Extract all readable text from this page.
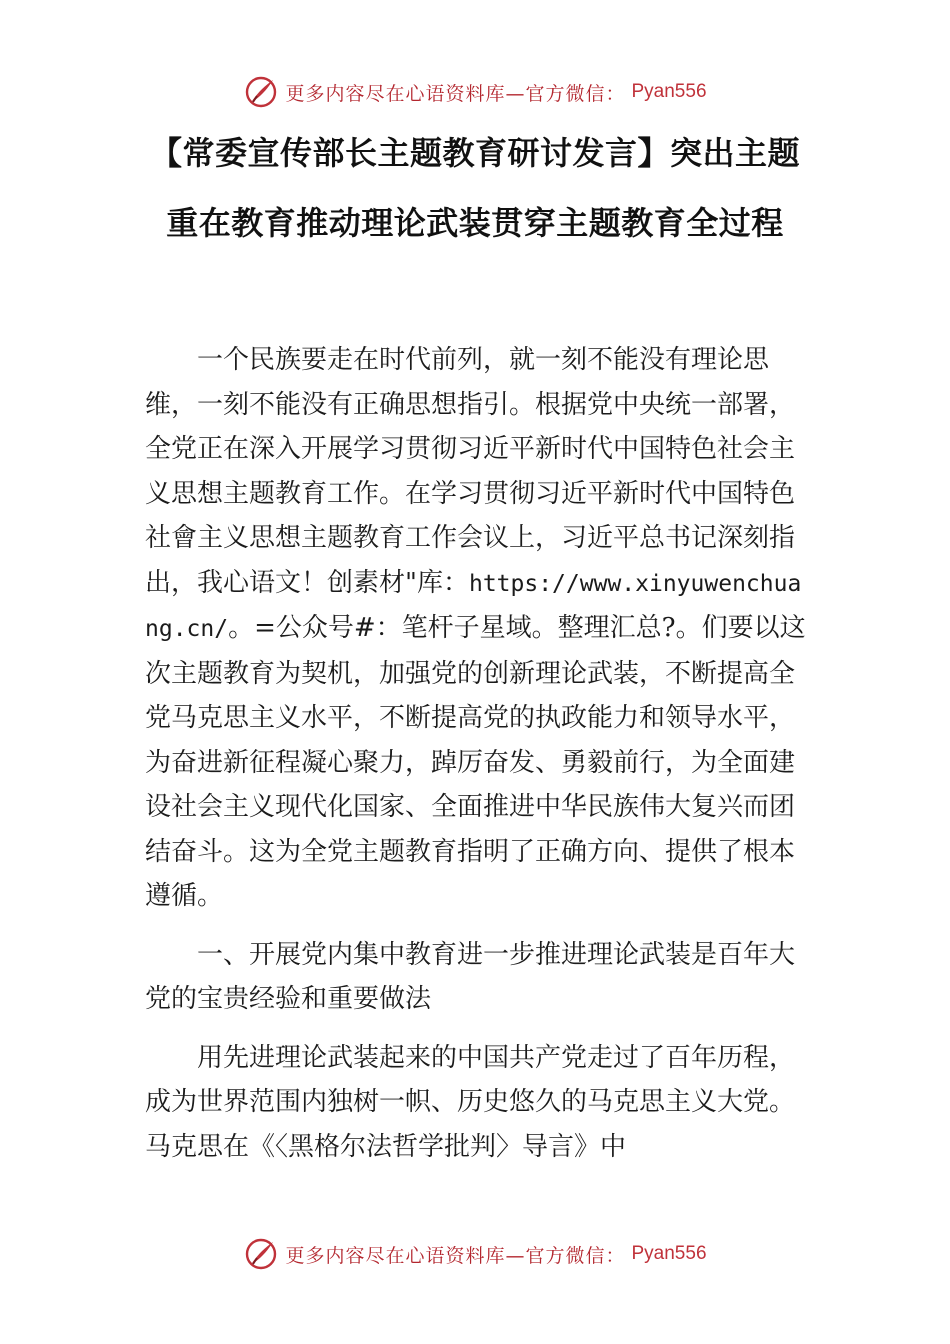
更多内容尽在心语资料库—官方微信： Pyan556
【常委宣传部长主题教育研讨发言】突出主题
重在教育推动理论武装贯穿主题教育全过程

一个民族要走在时代前列，就一刻不能没有理论思维，一刻不能没有正确思想指引。根据党中央统一部署，全党正在深入开展学习贯彻习近平新时代中国特色社会主义思想主题教育工作。在学习贯彻习近平新时代中国特色社會主义思想主题教育工作会议上，习近平总书记深刻指出，我心语文！创素材"库：https://www.xinyuwenchuang.cn/。=公众号#：笔杆子星域。整理汇总?。们要以这次主题教育为契机，加强党的创新理论武装，不断提高全党马克思主义水平，不断提高党的执政能力和领导水平，为奋进新征程凝心聚力，踔厉奋发、勇毅前行，为全面建设社会主义现代化国家、全面推进中华民族伟大复兴而团结奋斗。这为全党主题教育指明了正确方向、提供了根本遵循。

一、开展党内集中教育进一步推进理论武装是百年大党的宝贵经验和重要做法

用先进理论武装起来的中国共产党走过了百年历程，成为世界范围内独树一帜、历史悠久的马克思主义大党。马克思在《〈黑格尔法哲学批判〉导言》中

更多内容尽在心语资料库—官方微信： Pyan556
